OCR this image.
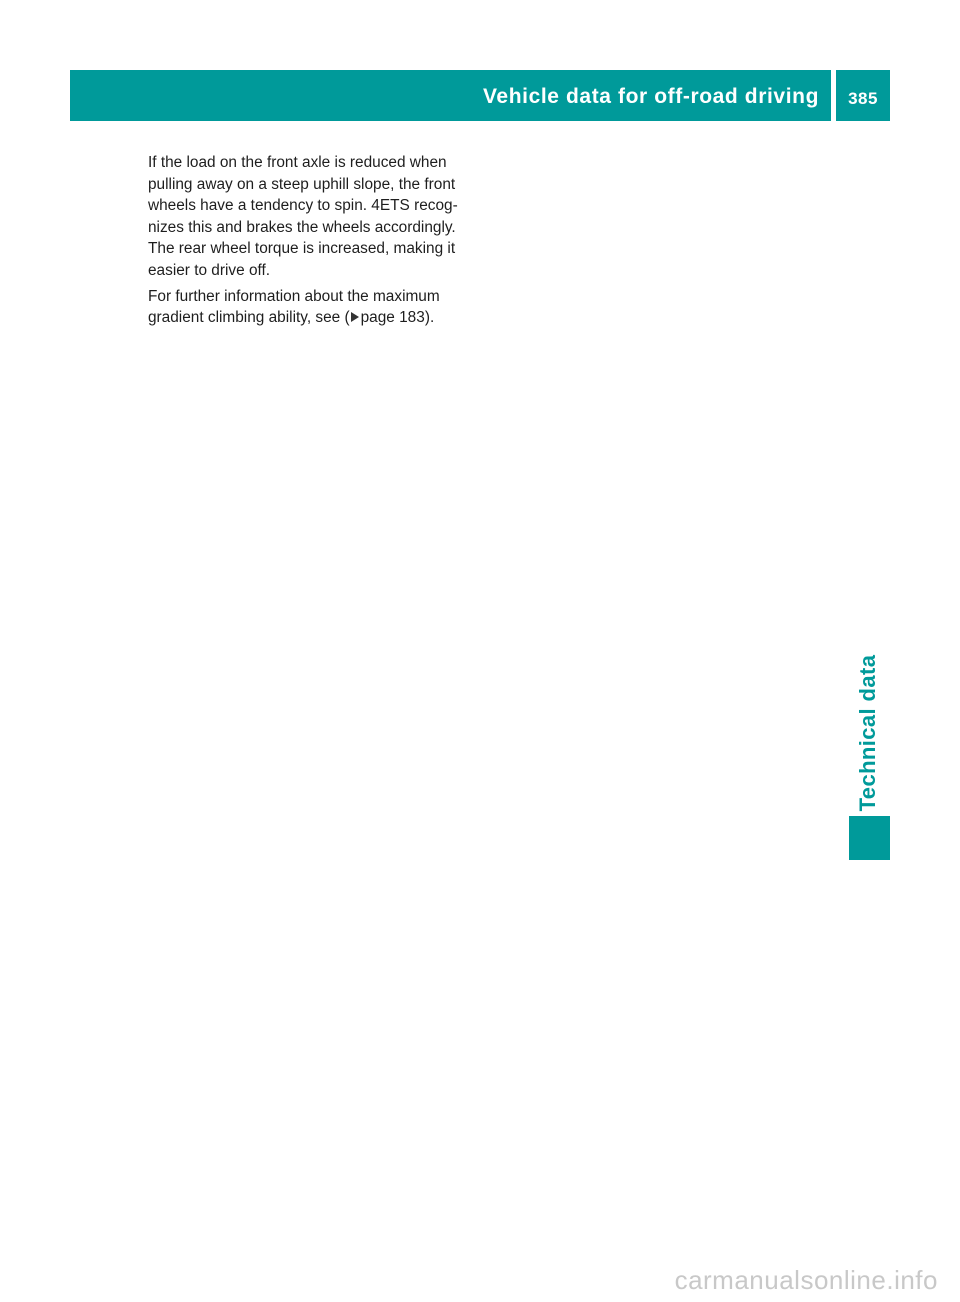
Vehicle data for off-road driving	385

If the load on the front axle is reduced when pulling away on a steep uphill slope, the front wheels have a tendency to spin. 4ETS recog-nizes this and brakes the wheels accordingly. The rear wheel torque is increased, making it easier to drive off.

For further information about the maximum gradient climbing ability, see ( page 183).

Technical data
carmanualsonline.info
